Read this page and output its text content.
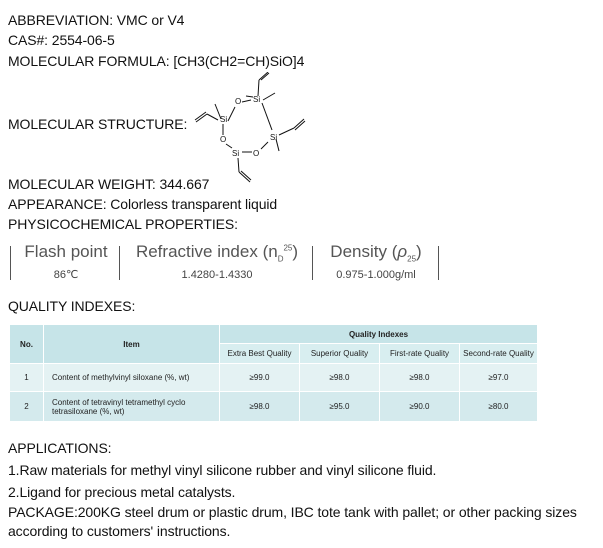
ABBREVIATION: VMC or V4
CAS#: 2554-06-5
MOLECULAR FORMULA: [CH3(CH2=CH)SiO]4
MOLECULAR STRUCTURE:	Si
O Si
Si
O
Si
O
MOLECULAR WEIGHT: 344.667
APPEARANCE: Colorless transparent liquid
PHYSICOCHEMICAL PROPERTIES:
Flash point
86℃
Refractive index $(n_D^{25})$
1.4280-1.4330
Density $(\rho_{25})$
0.975-1.000g/ml
QUALITY INDEXES:
No.	Item	Quality Indexes			
		Extra Best Quality	Superior Quality	First-rate Quality	Second-rate Quality
1	Content of methylvinyl siloxane (%, wt)	≥99.0	≥98.0	≥98.0	≥97.0
2	Content of tetravinyl tetramethyl cyclo tetrasiloxane (%, wt)	≥98.0	≥95.0	≥90.0	≥80.0
APPLICATIONS:
1.Raw materials for methyl vinyl silicone rubber and vinyl silicone fluid.
2.Ligand for precious metal catalysts.
PACKAGE:200KG steel drum or plastic drum, IBC tote tank with pallet; or other packing sizes according to customers' instructions.
